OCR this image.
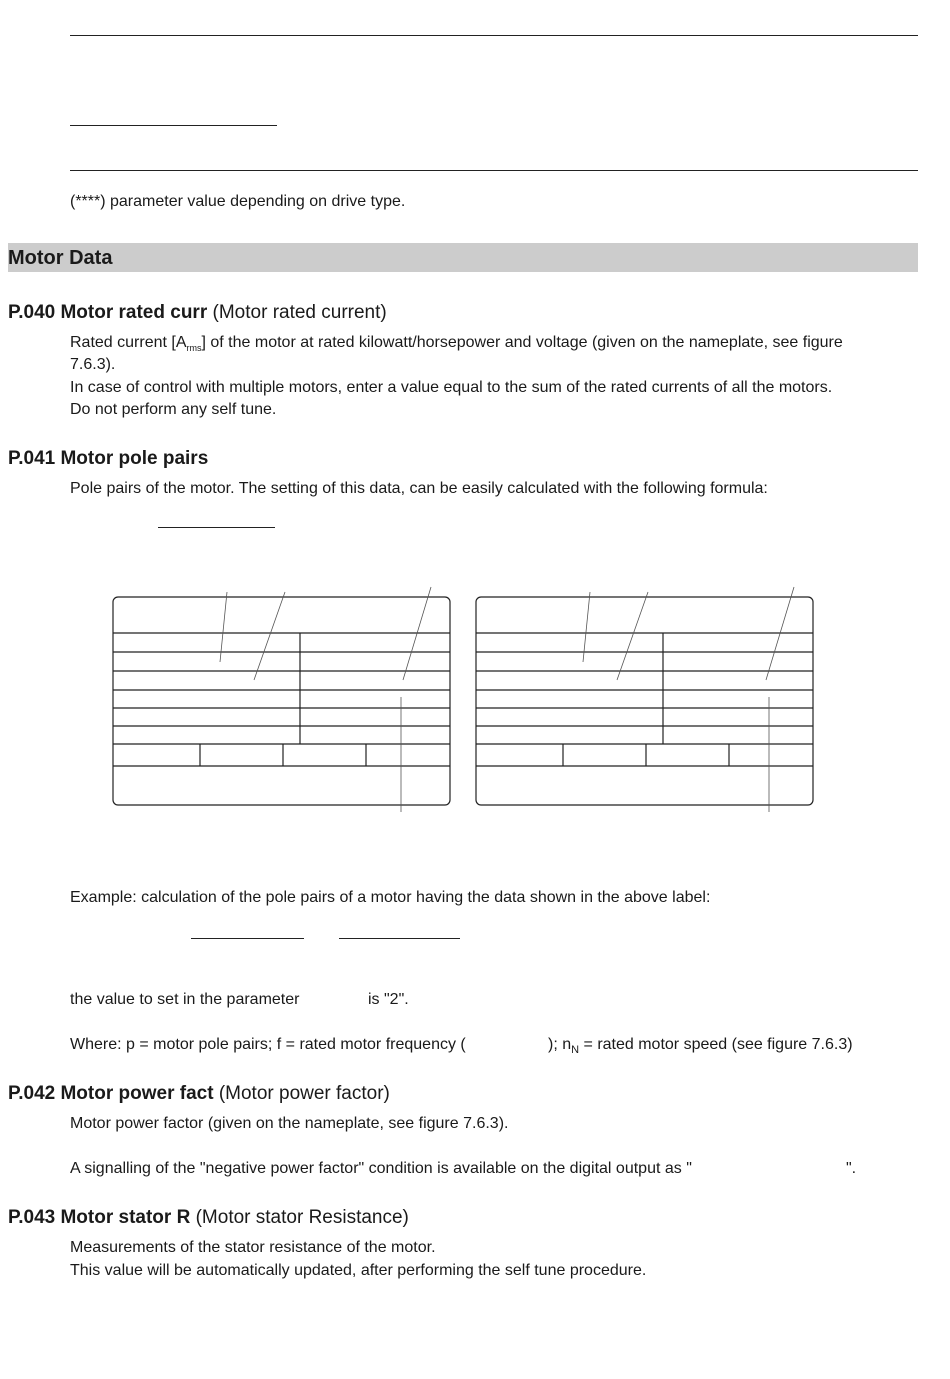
(****) parameter value depending on drive type.
Motor Data
P.040 Motor rated curr (Motor rated current)
Rated current $[A_{rms}]$ of the motor at rated kilowatt/horsepower and voltage (given on the nameplate, see figure
7.6.3).
In case of control with multiple motors, enter a value equal to the sum of the rated currents of all the motors.
Do not perform any self tune.
P.041 Motor pole pairs
Pole pairs of the motor. The setting of this data, can be easily calculated with the following formula:
Example: calculation of the pole pairs of a motor having the data shown in the above label:
the value to set in the parameter	is "2".
Where: p = motor pole pairs; f = rated motor frequency (	); $n_N$ = rated motor speed (see figure 7.6.3)
P.042 Motor power fact (Motor power factor)
Motor power factor (given on the nameplate, see figure 7.6.3).
A signalling of the "negative power factor" condition is available on the digital output as "	".
P.043 Motor stator R (Motor stator Resistance)
Measurements of the stator resistance of the motor.
This value will be automatically updated, after performing the self tune procedure.
